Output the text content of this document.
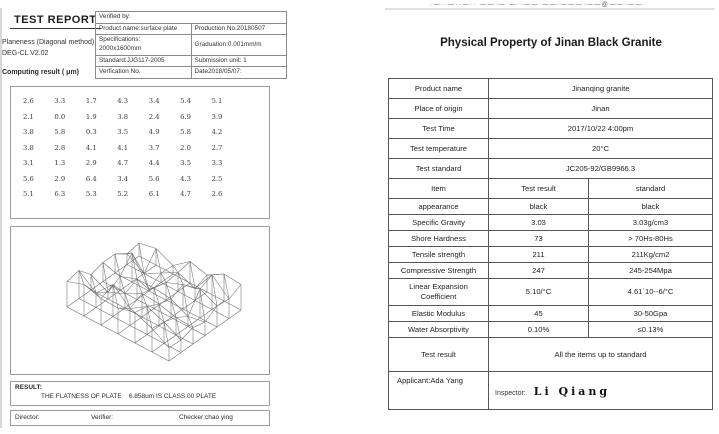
TEST REPORT
Planeness (Diagonal method)
DEG-CL V2.02
Computing result ( μm)
Verified by:	
Product name:surface plate	Production No.20180507
Specifications:
2000x1600mm	Graduation:0.001mm/m
Standard:JJG117-2005	Submission unit: 1
Verfication No.	Date2018/05/07:
2.6	3.3	1.7	4.3	3.4	5.4	5.1
2.1	0.0	1.9	3.8	2.4	6.9	3.9
3.8	5.8	0.3	3.5	4.9	5.8	4.2
3.8	2.8	4.1	4.1	3.7	2.0	2.7
3.1	1.3	2.9	4.7	4.4	3.5	3.3
5.6	2.9	6.4	3.4	5.6	4.3	2.5
5.1	6.3	5.3	5.2	6.1	4.7	2.6
RESULT:
THE FLATNESS OF PLATE    6.858um IS CLASS 00 PLATE
Director:	Verifier:	Checker:chao ying
·—··—··—·· ——·— —··——·——·———·——@——·——·
Physical Property of Jinan Black Granite
Product name	Jinanqing granite	
Place of origin	Jinan	
Test Time	2017/10/22 4:00pm	
Test temperature	20°C	
Test standard	JC205-92/GB9966.3	
Item	Test result	standard
appearance	black	black
Specific Gravity	3.03	3.03g/cm3
Shore Hardness	73	> 70Hs-80Hs
Tensile strength	211	211Kg/cm2
Compressive Strength	247	245-254Mpa
Linear Expansion
Coefficient	5.10/°C	4.61´10--6/°C
Elastic Modulus	45	30-50Gpa
Water Absorptivity	0.10%	≤0.13%
Test result	All the items up to standard	
Applicant:Ada Yang	Inspector: Li Qiang	
